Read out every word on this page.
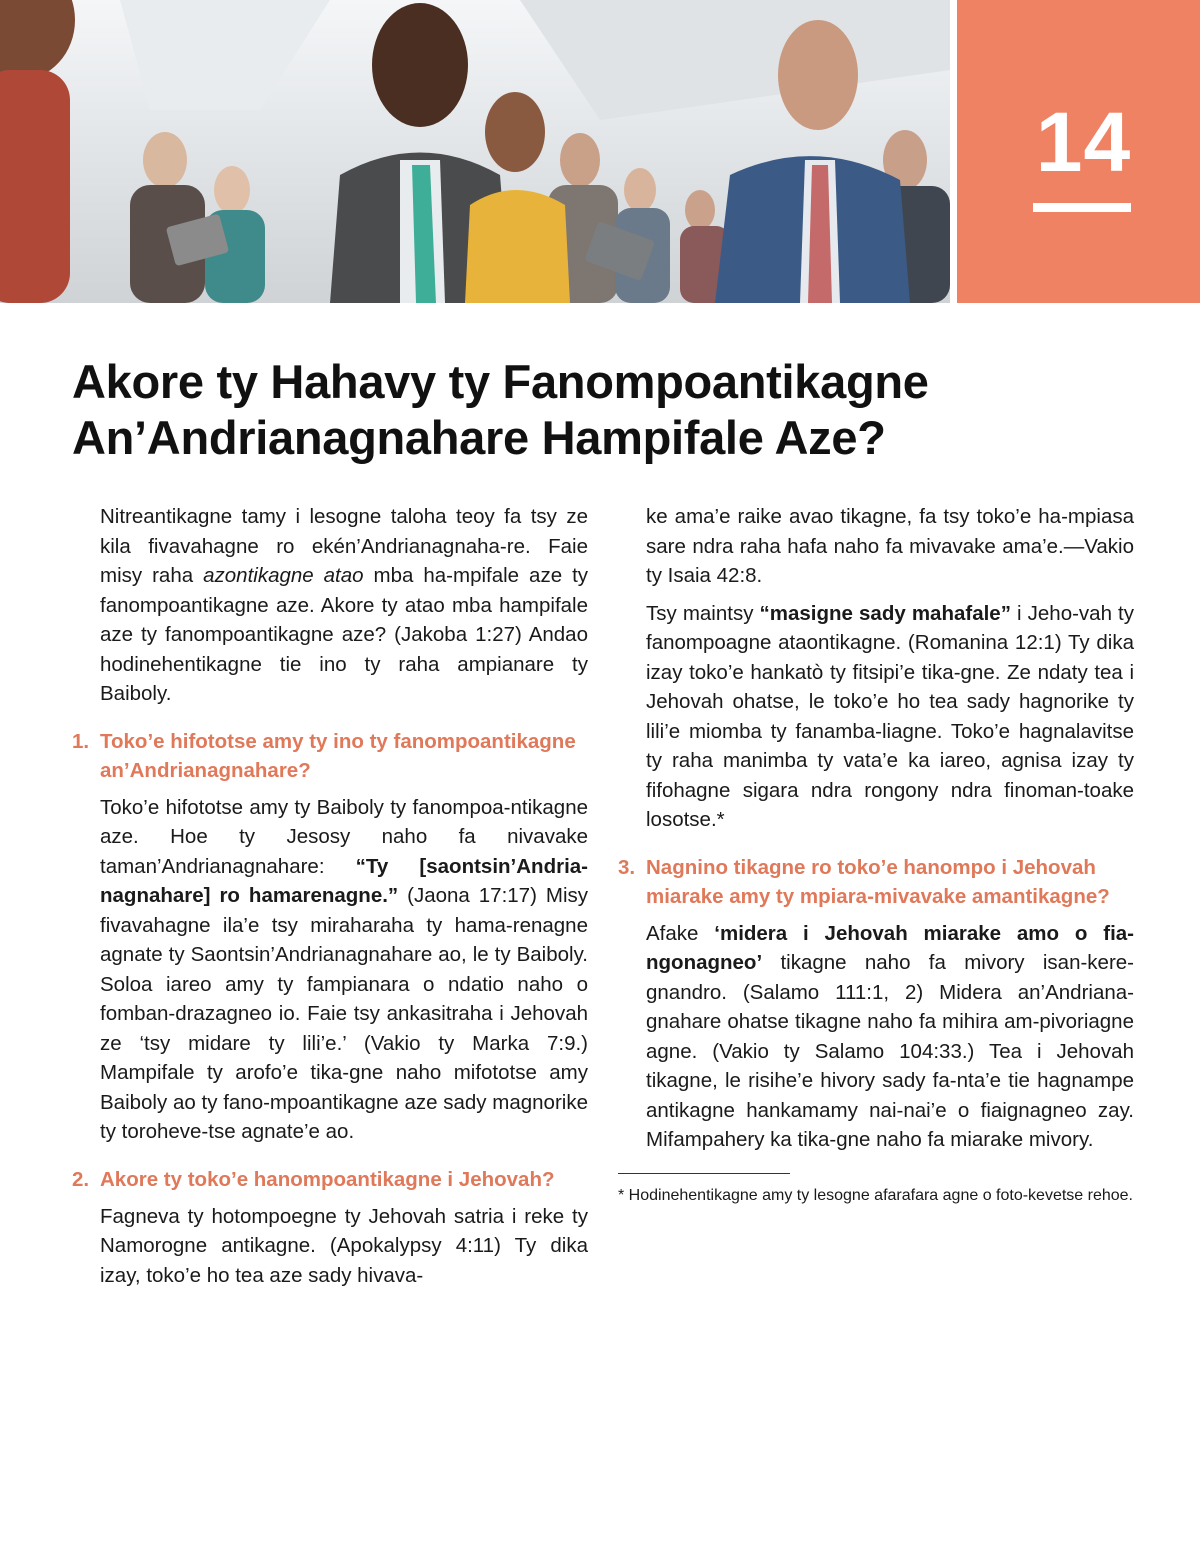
14
Akore ty Hahavy ty Fanompoantikagne
An’Andrianagnahare Hampifale Aze?

Nitreantikagne tamy i lesogne taloha teoy fa tsy ze kila fivavahagne ro ekén’Andrianagnaha-re. Faie misy raha azontikagne atao mba ha-mpifale aze ty fanompoantikagne aze. Akore ty atao mba hampifale aze ty fanompoantikagne aze? (Jakoba 1:27) Andao hodinehentikagne tie ino ty raha ampianare ty Baiboly.

1. Toko’e hifototse amy ty ino ty fanompoantikagne an’Andrianagnahare?

Toko’e hifototse amy ty Baiboly ty fanompoa-ntikagne aze. Hoe ty Jesosy naho fa nivavake taman’Andrianagnahare: “Ty [saontsin’Andria-nagnahare] ro hamarenagne.” (Jaona 17:17) Misy fivavahagne ila’e tsy miraharaha ty hama-renagne agnate ty Saontsin’Andrianagnahare ao, le ty Baiboly. Soloa iareo amy ty fampianara o ndatio naho o fomban-drazagneo io. Faie tsy ankasitraha i Jehovah ze ‘tsy midare ty lili’e.’ (Vakio ty Marka 7:9.) Mampifale ty arofo’e tika-gne naho mifototse amy Baiboly ao ty fano-mpoantikagne aze sady magnorike ty toroheve-tse agnate’e ao.

2. Akore ty toko’e hanompoantikagne i Jehovah?

Fagneva ty hotompoegne ty Jehovah satria i reke ty Namorogne antikagne. (Apokalypsy 4:11) Ty dika izay, toko’e ho tea aze sady hivava-

ke ama’e raike avao tikagne, fa tsy toko’e ha-mpiasa sare ndra raha hafa naho fa mivavake ama’e.—Vakio ty Isaia 42:8.

Tsy maintsy “masigne sady mahafale” i Jeho-vah ty fanompoagne ataontikagne. (Romanina 12:1) Ty dika izay toko’e hankatò ty fitsipi’e tika-gne. Ze ndaty tea i Jehovah ohatse, le toko’e ho tea sady hagnorike ty lili’e miomba ty fanamba-liagne. Toko’e hagnalavitse ty raha manimba ty vata’e ka iareo, agnisa izay ty fifohagne sigara ndra rongony ndra finoman-toake losotse.*

3. Nagnino tikagne ro toko’e hanompo i Jehovah miarake amy ty mpiara-mivavake amantikagne?

Afake ‘midera i Jehovah miarake amo o fia-ngonagneo’ tikagne naho fa mivory isan-kere-gnandro. (Salamo 111:1, 2) Midera an’Andriana-gnahare ohatse tikagne naho fa mihira am-pivoriagne agne. (Vakio ty Salamo 104:33.) Tea i Jehovah tikagne, le risihe’e hivory sady fa-nta’e tie hagnampe antikagne hankamamy nai-nai’e o fiaignagneo zay. Mifampahery ka tika-gne naho fa miarake mivory.

* Hodinehentikagne amy ty lesogne afarafara agne o foto-kevetse rehoe.
